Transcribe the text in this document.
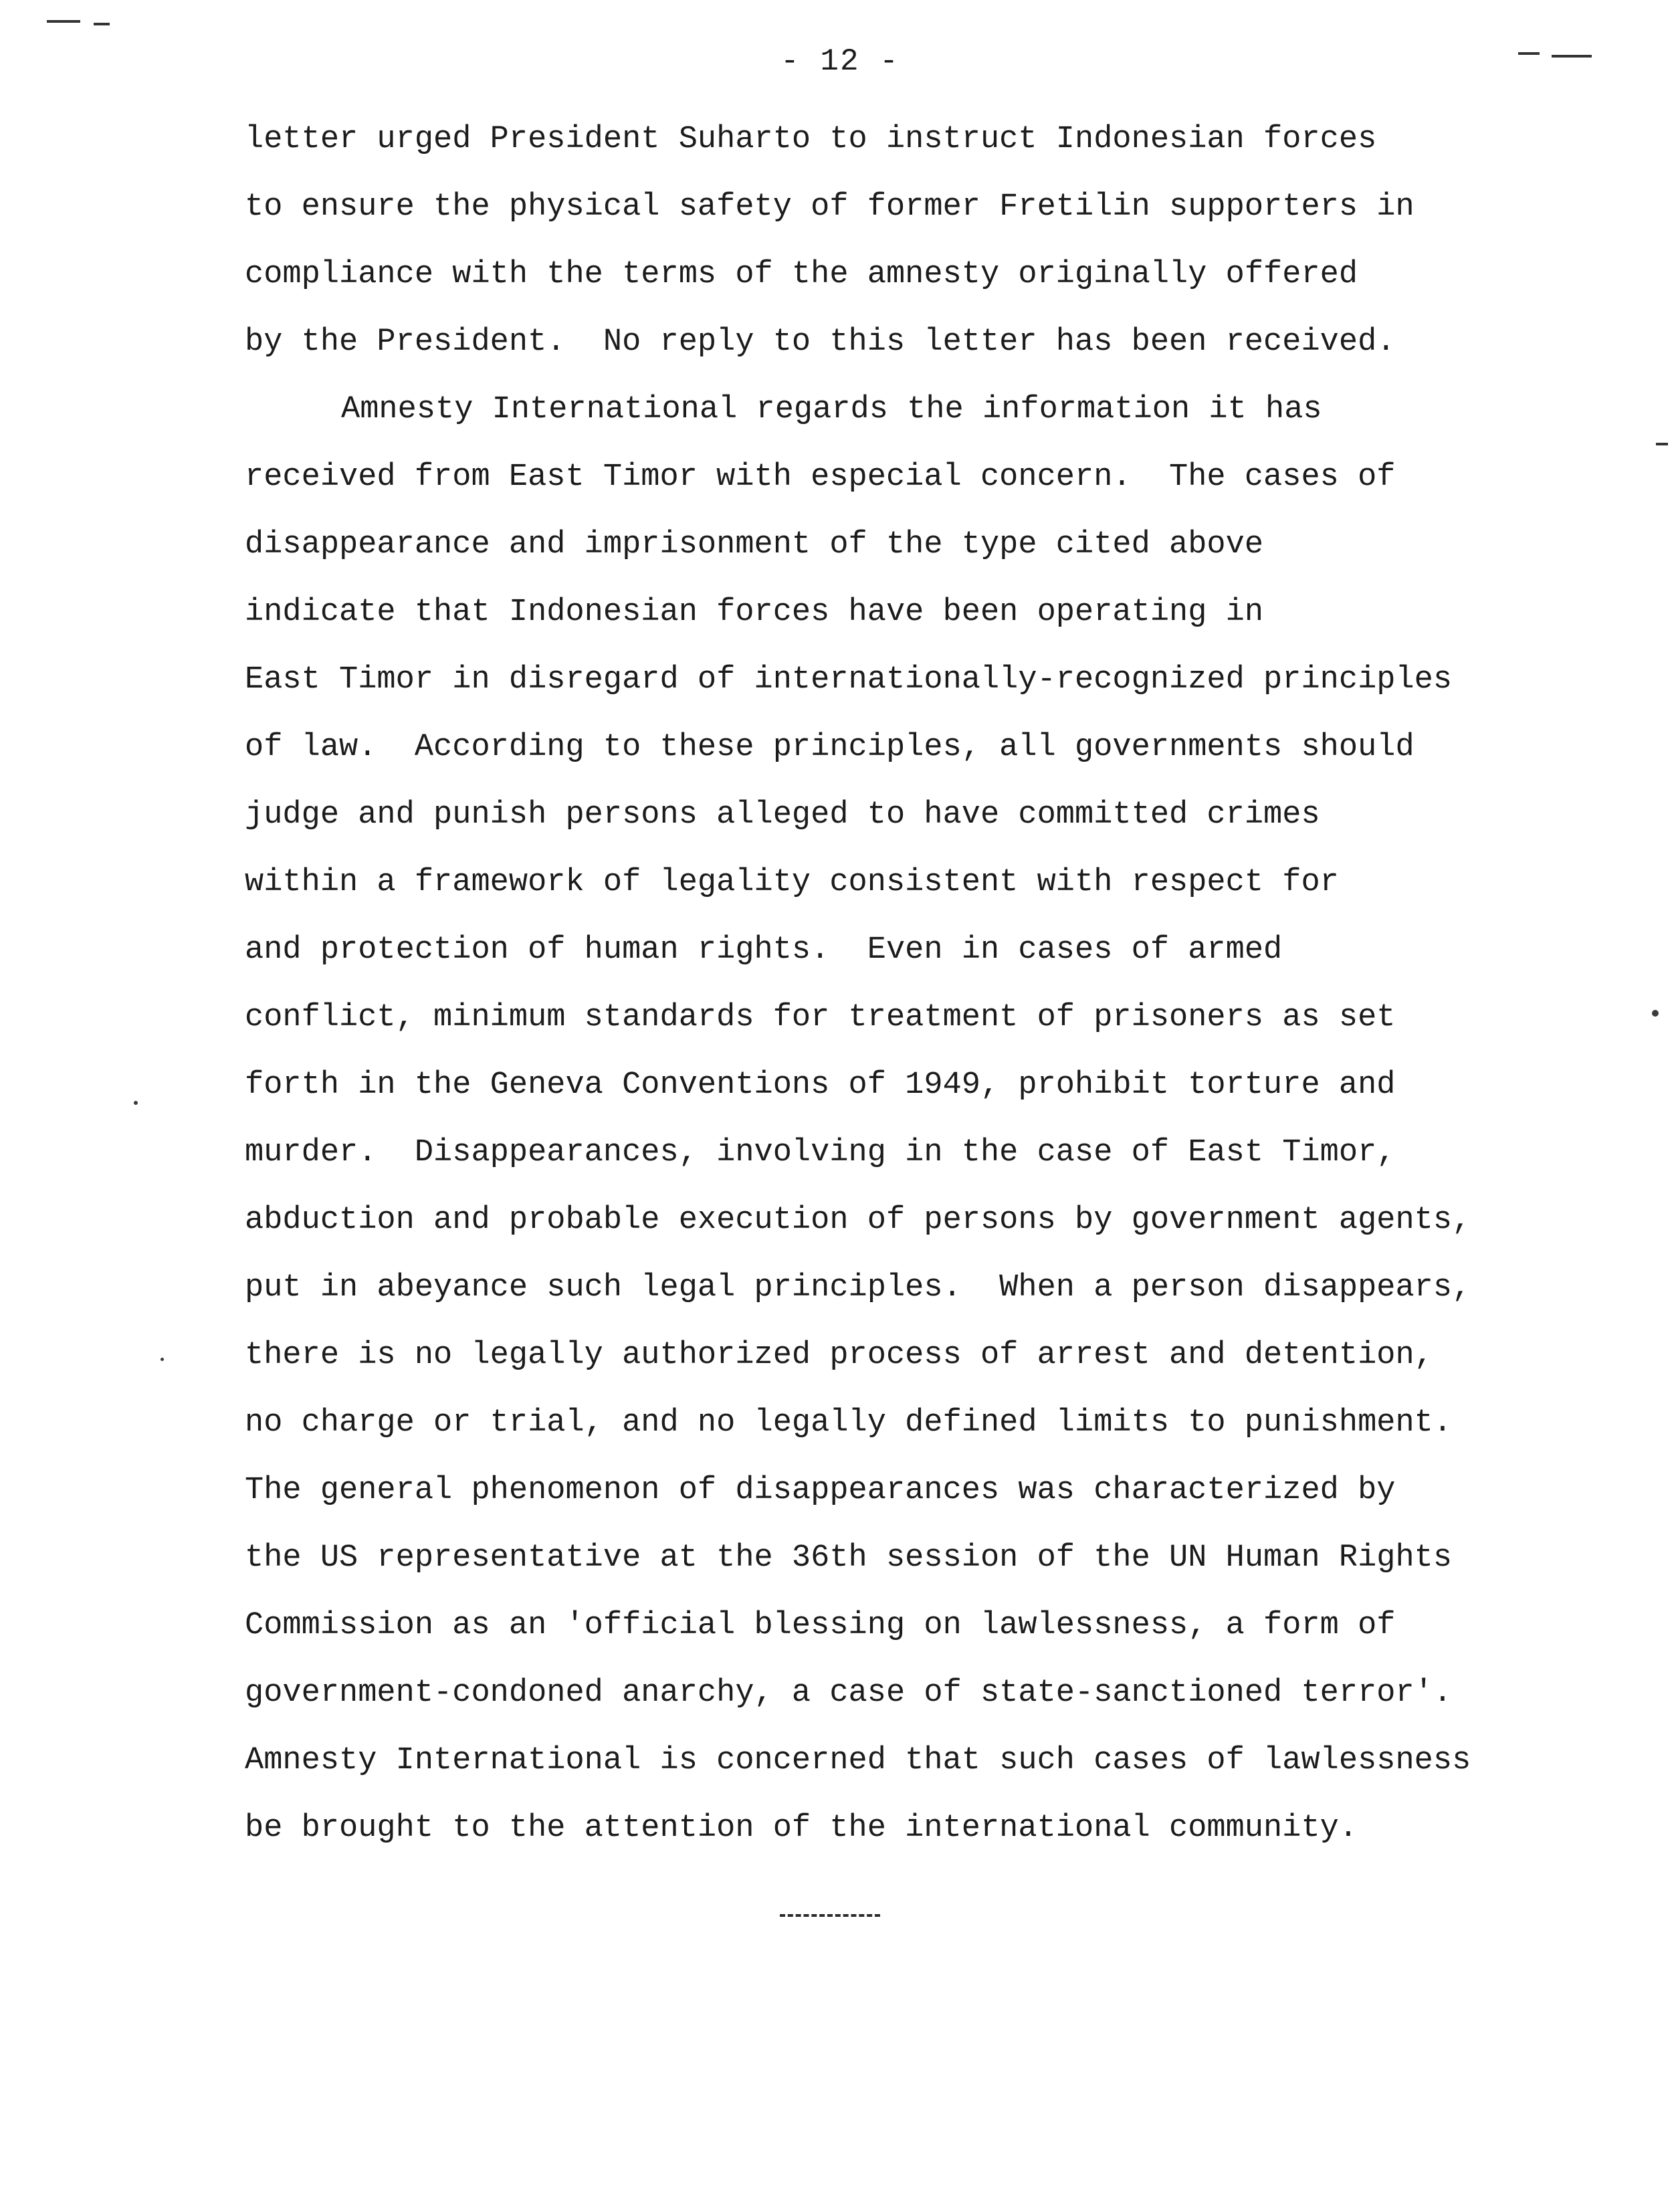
- 12 -
letter urged President Suharto to instruct Indonesian forces
to ensure the physical safety of former Fretilin supporters in
compliance with the terms of the amnesty originally offered
by the President.  No reply to this letter has been received.
Amnesty International regards the information it has
received from East Timor with especial concern.  The cases of
disappearance and imprisonment of the type cited above
indicate that Indonesian forces have been operating in
East Timor in disregard of internationally-recognized principles
of law.  According to these principles, all governments should
judge and punish persons alleged to have committed crimes
within a framework of legality consistent with respect for
and protection of human rights.  Even in cases of armed
conflict, minimum standards for treatment of prisoners as set
forth in the Geneva Conventions of 1949, prohibit torture and
murder.  Disappearances, involving in the case of East Timor,
abduction and probable execution of persons by government agents,
put in abeyance such legal principles.  When a person disappears,
there is no legally authorized process of arrest and detention,
no charge or trial, and no legally defined limits to punishment.
The general phenomenon of disappearances was characterized by
the US representative at the 36th session of the UN Human Rights
Commission as an 'official blessing on lawlessness, a form of
government-condoned anarchy, a case of state-sanctioned terror'.
Amnesty International is concerned that such cases of lawlessness
be brought to the attention of the international community.
